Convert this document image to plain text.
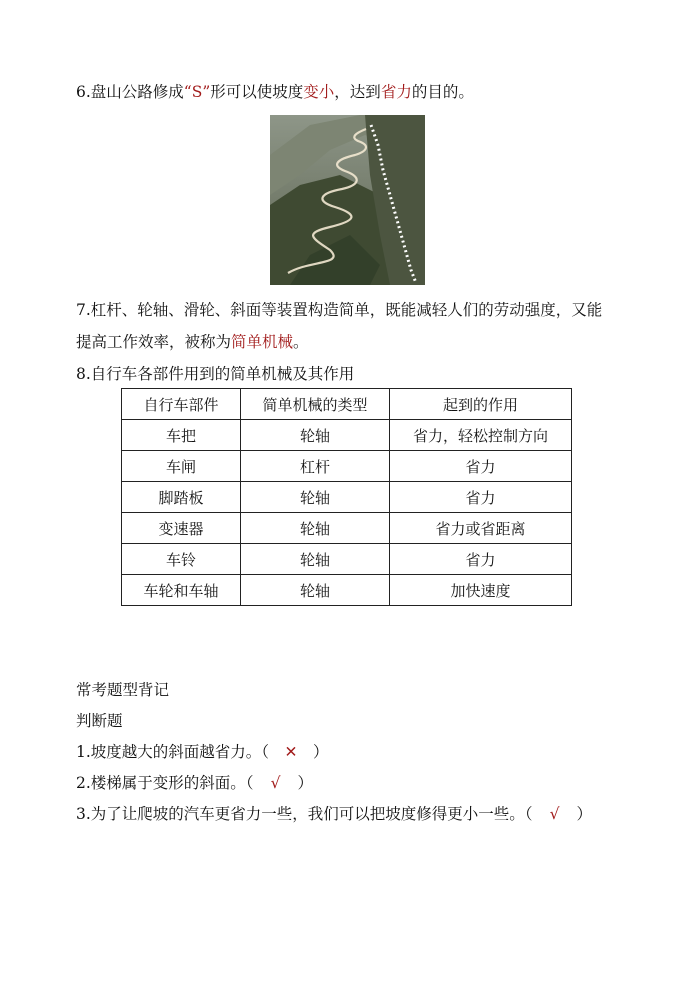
6.盘山公路修成“S”形可以使坡度变小，达到省力的目的。
7.杠杆、轮轴、滑轮、斜面等装置构造简单，既能减轻人们的劳动强度，又能
提高工作效率，被称为简单机械。
8.自行车各部件用到的简单机械及其作用
自行车部件	简单机械的类型	起到的作用
车把	轮轴	省力，轻松控制方向
车闸	杠杆	省力
脚踏板	轮轴	省力
变速器	轮轴	省力或省距离
车铃	轮轴	省力
车轮和车轴	轮轴	加快速度
常考题型背记
判断题
1.坡度越大的斜面越省力。（ ✕ ）
2.楼梯属于变形的斜面。（ √ ）
3.为了让爬坡的汽车更省力一些，我们可以把坡度修得更小一些。（ √ ）
